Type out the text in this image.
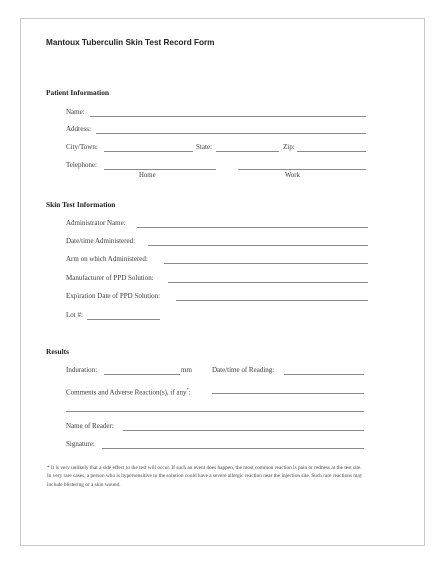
Mantoux Tuberculin Skin Test Record Form
Patient Information
Name:
Address:
City/Town:	State:	Zip:
Telephone:
Home	Work
Skin Test Information
Administrator Name:
Date/time Administered:
Arm on which Administered:
Manufacturer of PPD Solution:
Expiration Date of PPD Solution:
Lot #:
Results
Induration:	mm	Date/time of Reading:
Comments and Adverse Reaction(s), if any*:
Name of Reader:
Signature:

* It is very unlikely that a side effect to the test will occur. If such an event does happen, the most common reaction is pain or redness at the test site. In very rare cases, a person who is hypersensitive to the solution could have a severe allergic reaction near the injection site. Such rare reactions may include blistering or a skin wound.
